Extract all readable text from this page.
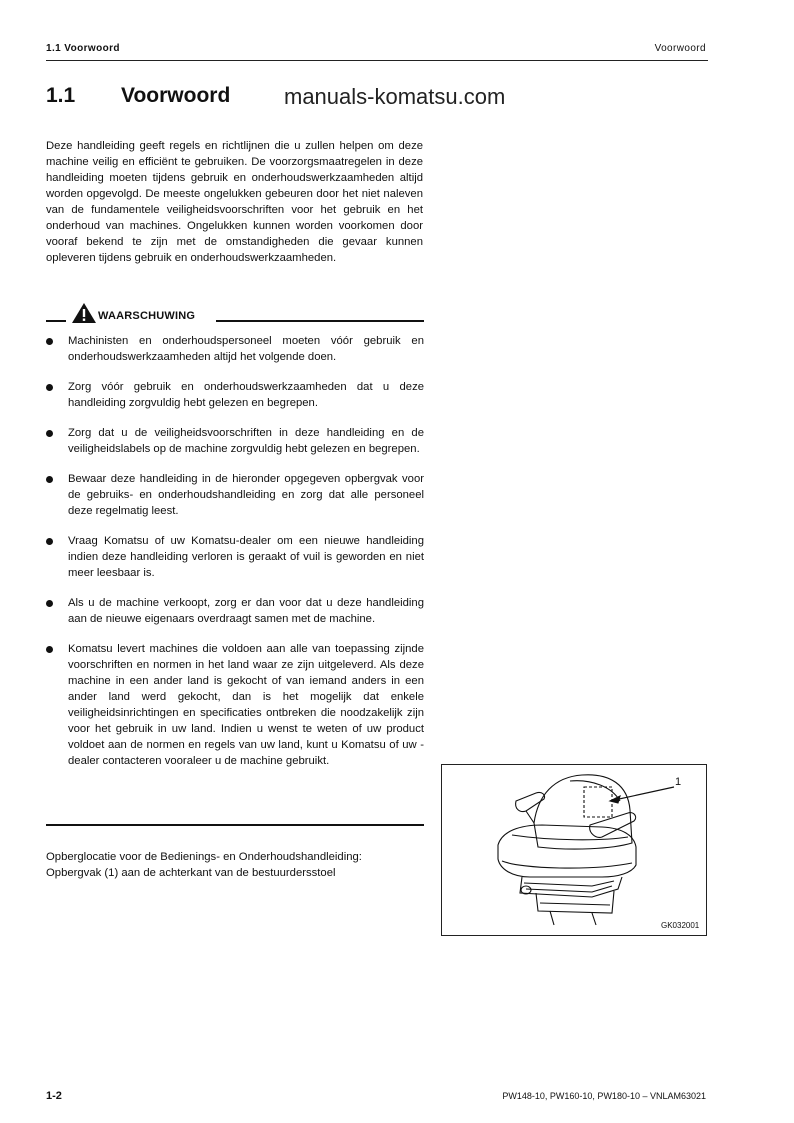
1.1 Voorwoord	Voorwoord
1.1 Voorwoord manuals-komatsu.com

Deze handleiding geeft regels en richtlijnen die u zullen helpen om deze machine veilig en efficiënt te gebruiken. De voorzorgsmaatregelen in deze handleiding moeten tijdens gebruik en onderhoudswerkzaamheden altijd worden opgevolgd. De meeste ongelukken gebeuren door het niet naleven van de fundamentele veiligheidsvoorschriften voor het gebruik en het onderhoud van machines. Ongelukken kunnen worden voorkomen door vooraf bekend te zijn met de omstandigheden die gevaar kunnen opleveren tijdens gebruik en onderhoudswerkzaamheden.

WAARSCHUWING
Machinisten en onderhoudspersoneel moeten vóór gebruik en onderhoudswerkzaamheden altijd het volgende doen.
Zorg vóór gebruik en onderhoudswerkzaamheden dat u deze handleiding zorgvuldig hebt gelezen en begrepen.
Zorg dat u de veiligheidsvoorschriften in deze handleiding en de veiligheidslabels op de machine zorgvuldig hebt gelezen en begrepen.
Bewaar deze handleiding in de hieronder opgegeven opbergvak voor de gebruiks- en onderhoudshandleiding en zorg dat alle personeel deze regelmatig leest.
Vraag Komatsu of uw Komatsu-dealer om een nieuwe handleiding indien deze handleiding verloren is geraakt of vuil is geworden en niet meer leesbaar is.
Als u de machine verkoopt, zorg er dan voor dat u deze handleiding aan de nieuwe eigenaars overdraagt samen met de machine.
Komatsu levert machines die voldoen aan alle van toepassing zijnde voorschriften en normen in het land waar ze zijn uitgeleverd. Als deze machine in een ander land is gekocht of van iemand anders in een ander land werd gekocht, dan is het mogelijk dat enkele veiligheidsinrichtingen en specificaties ontbreken die noodzakelijk zijn voor het gebruik in uw land. Indien u wenst te weten of uw product voldoet aan de normen en regels van uw land, kunt u Komatsu of uw -dealer contacteren vooraleer u de machine gebruikt.

Opberglocatie voor de Bedienings- en Onderhoudshandleiding:
Opbergvak (1) aan de achterkant van de bestuurdersstoel

1
GK032001
1-2	PW148-10, PW160-10, PW180-10 – VNLAM63021
